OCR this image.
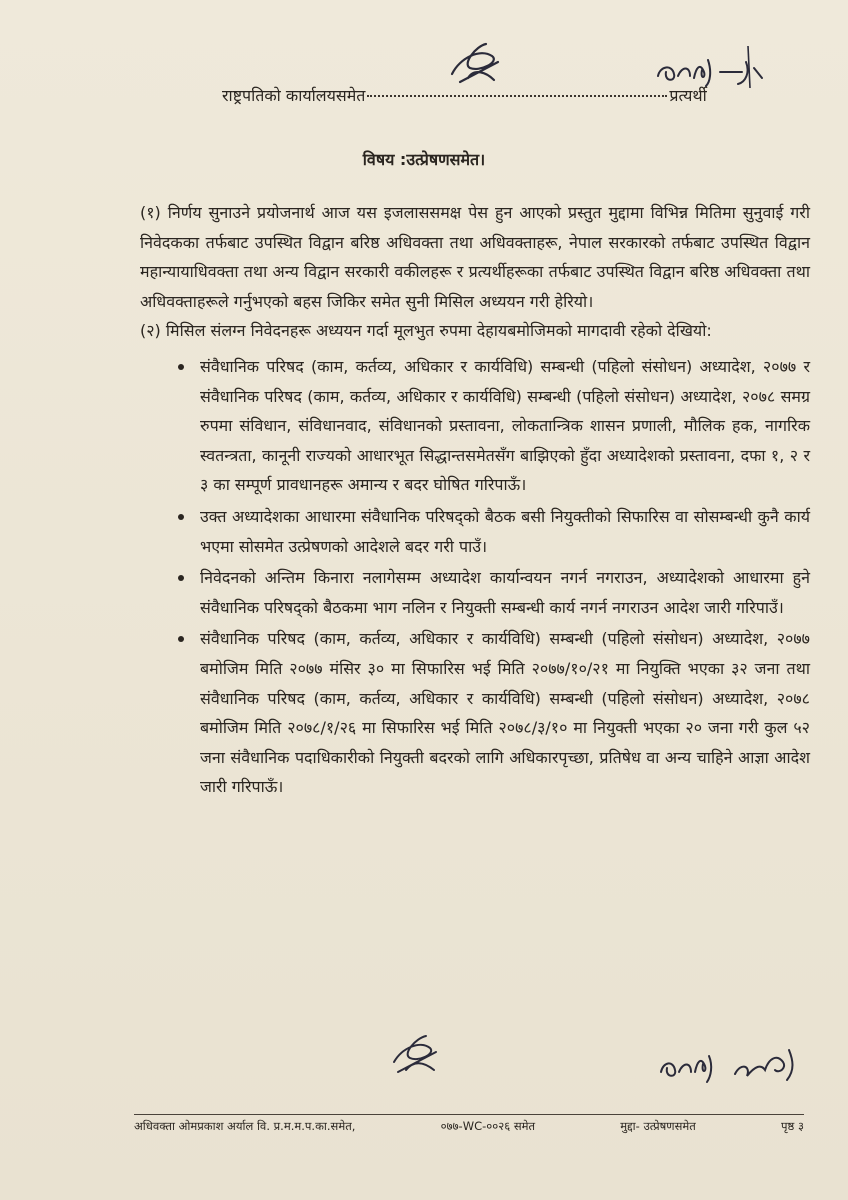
राष्ट्रपतिको कार्यालयसमेत	प्रत्यर्थी
विषय :उत्प्रेषणसमेत।

(१) निर्णय सुनाउने प्रयोजनार्थ आज यस इजलाससमक्ष पेस हुन आएको प्रस्तुत मुद्दामा विभिन्न मितिमा सुनुवाई गरी निवेदकका तर्फबाट उपस्थित विद्वान बरिष्ठ अधिवक्ता तथा अधिवक्ताहरू, नेपाल सरकारको तर्फबाट उपस्थित विद्वान महान्यायाधिवक्ता तथा अन्य विद्वान सरकारी वकीलहरू र प्रत्यर्थीहरूका तर्फबाट उपस्थित विद्वान बरिष्ठ अधिवक्ता तथा अधिवक्ताहरूले गर्नुभएको बहस जिकिर समेत सुनी मिसिल अध्ययन गरी हेरियो।

(२) मिसिल संलग्न निवेदनहरू अध्ययन गर्दा मूलभुत रुपमा देहायबमोजिमको मागदावी रहेको देखियो:

संवैधानिक परिषद (काम, कर्तव्य, अधिकार र कार्यविधि) सम्बन्धी (पहिलो संसोधन) अध्यादेश, २०७७ र संवैधानिक परिषद (काम, कर्तव्य, अधिकार र कार्यविधि) सम्बन्धी (पहिलो संसोधन) अध्यादेश, २०७८ समग्र रुपमा संविधान, संविधानवाद, संविधानको प्रस्तावना, लोकतान्त्रिक शासन प्रणाली, मौलिक हक, नागरिक स्वतन्त्रता, कानूनी राज्यको आधारभूत सिद्धान्तसमेतसँग बाझिएको हुँदा अध्यादेशको प्रस्तावना, दफा १, २ र ३ का सम्पूर्ण प्रावधानहरू अमान्य र बदर घोषित गरिपाऊँ।
उक्त अध्यादेशका आधारमा संवैधानिक परिषद्को बैठक बसी नियुक्तीको सिफारिस वा सोसम्बन्धी कुनै कार्य भएमा सोसमेत उत्प्रेषणको आदेशले बदर गरी पाउँ।
निवेदनको अन्तिम किनारा नलागेसम्म अध्यादेश कार्यान्वयन नगर्न नगराउन, अध्यादेशको आधारमा हुने संवैधानिक परिषद्को बैठकमा भाग नलिन र नियुक्ती सम्बन्धी कार्य नगर्न नगराउन आदेश जारी गरिपाउँ।
संवैधानिक परिषद (काम, कर्तव्य, अधिकार र कार्यविधि) सम्बन्धी (पहिलो संसोधन) अध्यादेश, २०७७ बमोजिम मिति २०७७ मंसिर ३० मा सिफारिस भई मिति २०७७/१०/२१ मा नियुक्ति भएका ३२ जना तथा संवैधानिक परिषद (काम, कर्तव्य, अधिकार र कार्यविधि) सम्बन्धी (पहिलो संसोधन) अध्यादेश, २०७८ बमोजिम मिति २०७८/१/२६ मा सिफारिस भई मिति २०७८/३/१० मा नियुक्ती भएका २० जना गरी कुल ५२ जना संवैधानिक पदाधिकारीको नियुक्ती बदरको लागि अधिकारपृच्छा, प्रतिषेध वा अन्य चाहिने आज्ञा आदेश जारी गरिपाऊँ।
अधिवक्ता ओमप्रकाश अर्याल वि. प्र.म.म.प.का.समेत,	०७७-WC-००२६ समेत	मुद्दा- उत्प्रेषणसमेत	पृष्ठ ३
